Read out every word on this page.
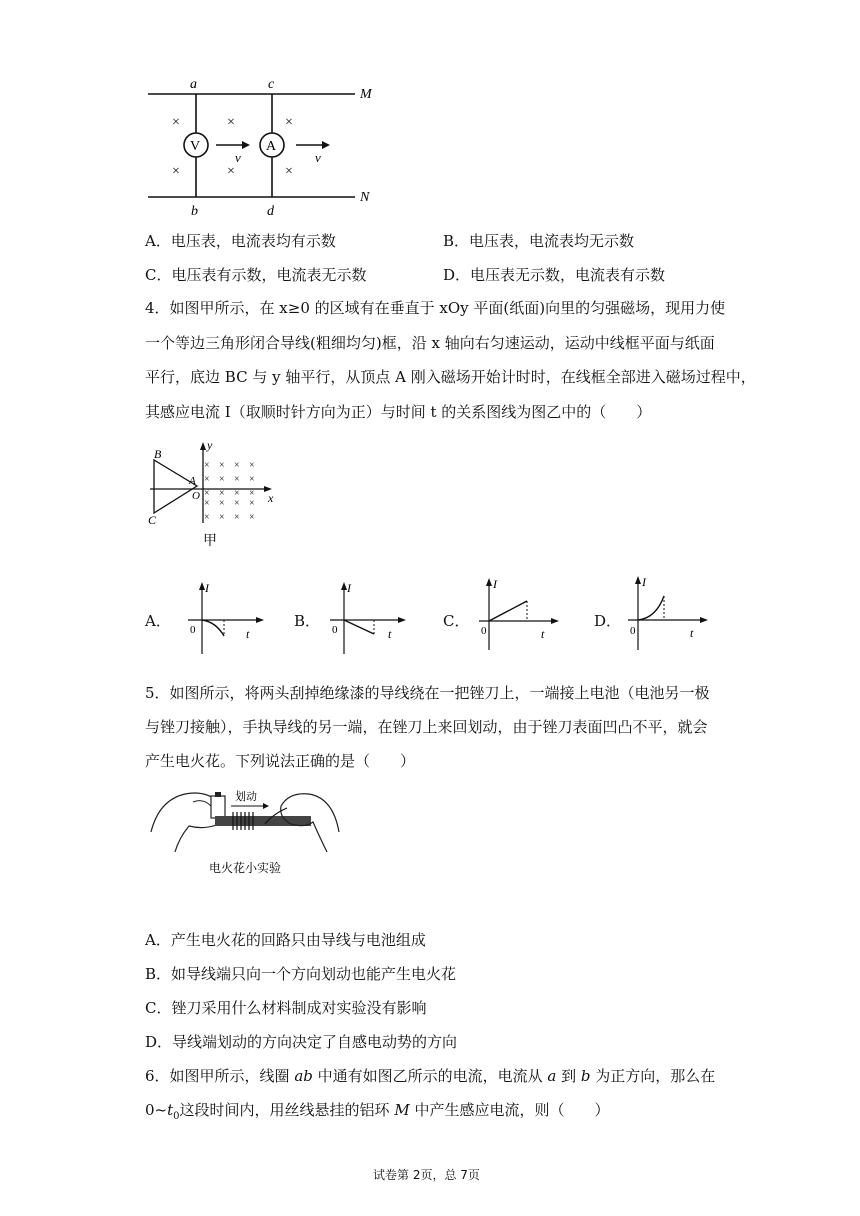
V	A
v	v
×
×
×
×
×
×
a	c
M
b	d
N
A．电压表，电流表均有示数	B．电压表，电流表均无示数
C．电压表有示数，电流表无示数	D．电压表无示数，电流表有示数
4．如图甲所示，在 x≥0 的区域有在垂直于 xOy 平面(纸面)向里的匀强磁场，现用力使
一个等边三角形闭合导线(粗细均匀)框，沿 x 轴向右匀速运动，运动中线框平面与纸面
平行，底边 BC 与 y 轴平行，从顶点 A 刚入磁场开始计时时，在线框全部进入磁场过程中，
其感应电流 I（取顺时针方向为正）与时间 t 的关系图线为图乙中的（　　）
× × × ×
× × × ×
× × × ×
× × × ×
× × × ×
B
C
A
O	x
y
甲
A．
I
t
0	B．
I
t
0	C．
I
t
0
D．
I
t
0
5．如图所示，将两头刮掉绝缘漆的导线绕在一把锉刀上，一端接上电池（电池另一极
与锉刀接触），手执导线的另一端，在锉刀上来回划动，由于锉刀表面凹凸不平，就会
产生电火花。下列说法正确的是（　　）
划动
电火花小实验
A．产生电火花的回路只由导线与电池组成
B．如导线端只向一个方向划动也能产生电火花
C．锉刀采用什么材料制成对实验没有影响
D．导线端划动的方向决定了自感电动势的方向
6．如图甲所示，线圈 ab 中通有如图乙所示的电流，电流从 a 到 b 为正方向，那么在
$0\sim t_0$这段时间内，用丝线悬挂的铝环 M 中产生感应电流，则（　　）
试卷第 2页，总 7页
